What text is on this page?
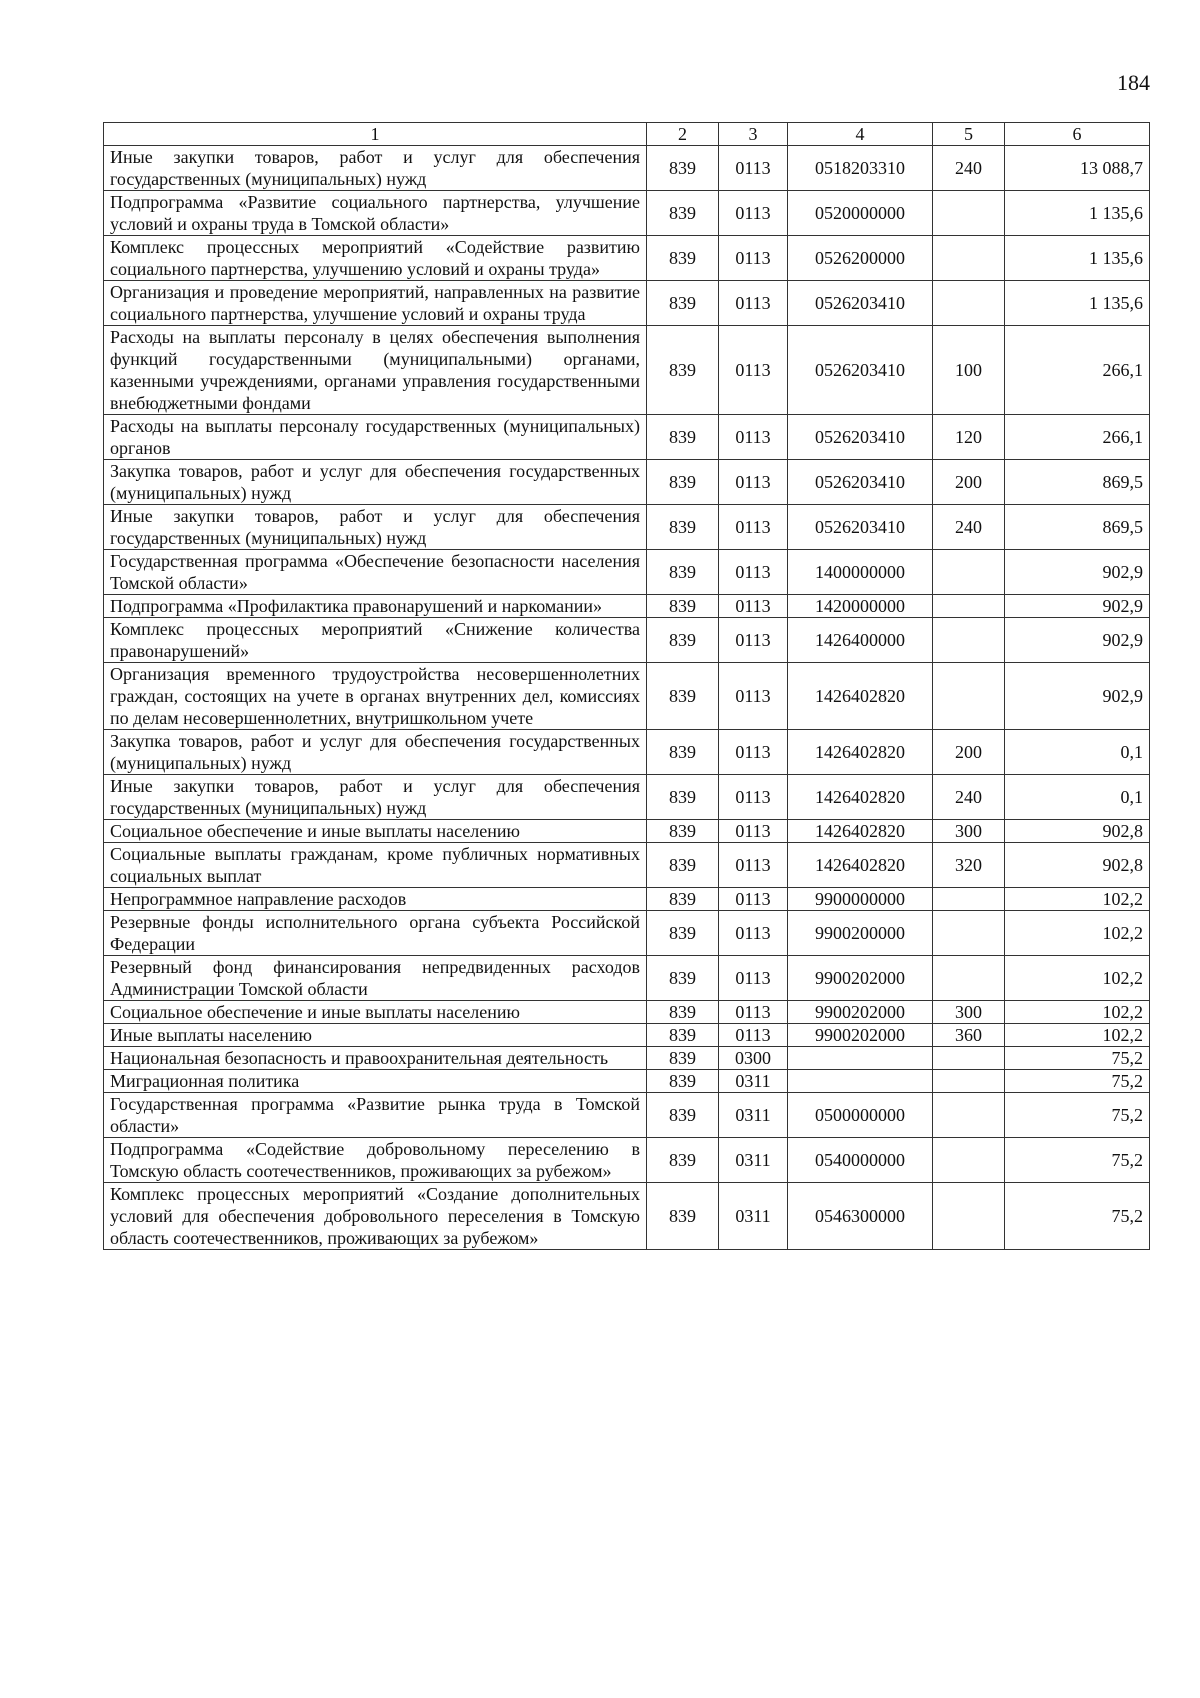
184
1	2	3	4	5	6
Иные закупки товаров, работ и услуг для обеспечения государственных (муниципальных) нужд	839	0113	0518203310	240	13 088,7
Подпрограмма «Развитие социального партнерства, улучшение условий и охраны труда в Томской области»	839	0113	0520000000		1 135,6
Комплекс процессных мероприятий «Содействие развитию социального партнерства, улучшению условий и охраны труда»	839	0113	0526200000		1 135,6
Организация и проведение мероприятий, направленных на развитие социального партнерства, улучшение условий и охраны труда	839	0113	0526203410		1 135,6
Расходы на выплаты персоналу в целях обеспечения выполнения функций государственными (муниципальными) органами, казенными учреждениями, органами управления государственными внебюджетными фондами	839	0113	0526203410	100	266,1
Расходы на выплаты персоналу государственных (муниципальных) органов	839	0113	0526203410	120	266,1
Закупка товаров, работ и услуг для обеспечения государственных (муниципальных) нужд	839	0113	0526203410	200	869,5
Иные закупки товаров, работ и услуг для обеспечения государственных (муниципальных) нужд	839	0113	0526203410	240	869,5
Государственная программа «Обеспечение безопасности населения Томской области»	839	0113	1400000000		902,9
Подпрограмма «Профилактика правонарушений и наркомании»	839	0113	1420000000		902,9
Комплекс процессных мероприятий «Снижение количества правонарушений»	839	0113	1426400000		902,9
Организация временного трудоустройства несовершеннолетних граждан, состоящих на учете в органах внутренних дел, комиссиях по делам несовершеннолетних, внутришкольном учете	839	0113	1426402820		902,9
Закупка товаров, работ и услуг для обеспечения государственных (муниципальных) нужд	839	0113	1426402820	200	0,1
Иные закупки товаров, работ и услуг для обеспечения государственных (муниципальных) нужд	839	0113	1426402820	240	0,1
Социальное обеспечение и иные выплаты населению	839	0113	1426402820	300	902,8
Социальные выплаты гражданам, кроме публичных нормативных социальных выплат	839	0113	1426402820	320	902,8
Непрограммное направление расходов	839	0113	9900000000		102,2
Резервные фонды исполнительного органа субъекта Российской Федерации	839	0113	9900200000		102,2
Резервный фонд финансирования непредвиденных расходов Администрации Томской области	839	0113	9900202000		102,2
Социальное обеспечение и иные выплаты населению	839	0113	9900202000	300	102,2
Иные выплаты населению	839	0113	9900202000	360	102,2
Национальная безопасность и правоохранительная деятельность	839	0300			75,2
Миграционная политика	839	0311			75,2
Государственная программа «Развитие рынка труда в Томской области»	839	0311	0500000000		75,2
Подпрограмма «Содействие добровольному переселению в Томскую область соотечественников, проживающих за рубежом»	839	0311	0540000000		75,2
Комплекс процессных мероприятий «Создание дополнительных условий для обеспечения добровольного переселения в Томскую область соотечественников, проживающих за рубежом»	839	0311	0546300000		75,2
